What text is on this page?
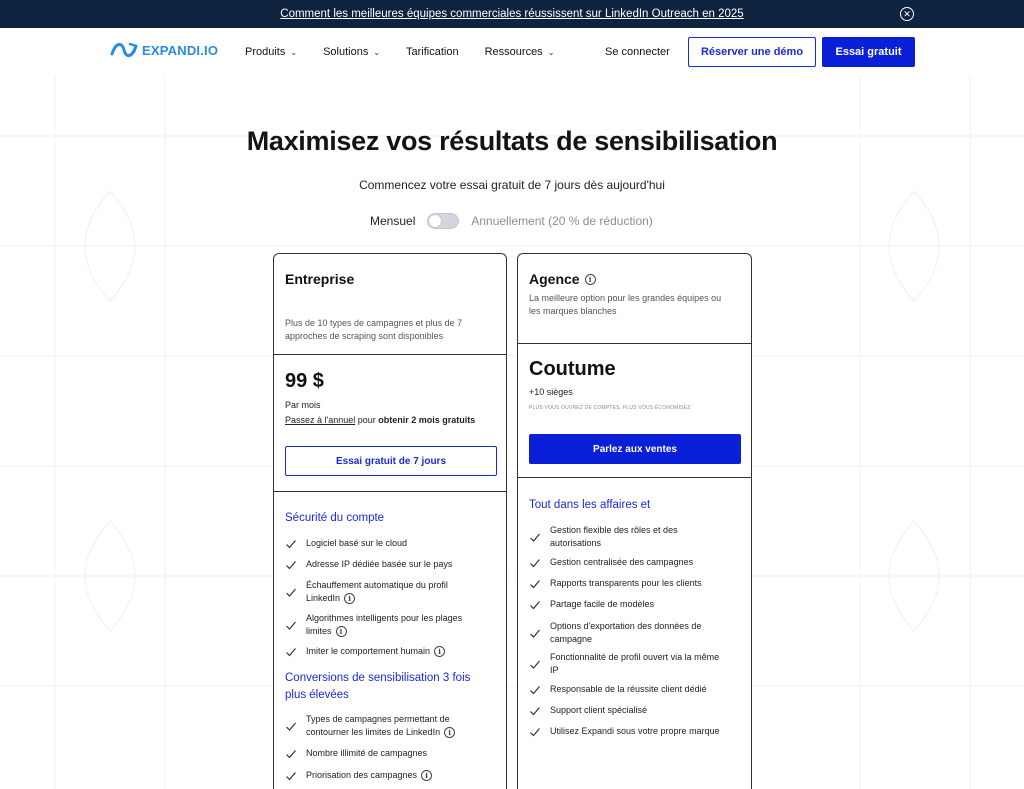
Comment les meilleures équipes commerciales réussissent sur LinkedIn Outreach en 2025	✕
EXPANDI.IO Produits ⌄ Solutions ⌄ Tarification Ressources ⌄	Se connecter	Réserver une démo	Essai gratuit
Maximisez vos résultats de sensibilisation

Commencez votre essai gratuit de 7 jours dès aujourd'hui

Mensuel	Annuellement (20 % de réduction)
Entreprise
Plus de 10 types de campagnes et plus de 7
approches de scraping sont disponibles
99 $
Par mois
Passez à l'annuel pour obtenir 2 mois gratuits
Essai gratuit de 7 jours
Sécurité du compte
Logiciel basé sur le cloud
Adresse IP dédiée basée sur le pays
Échauffement automatique du profil
LinkedIn i
Algorithmes intelligents pour les plages
limites i
Imiter le comportement humain i
Conversions de sensibilisation 3 fois
plus élevées
Types de campagnes permettant de
contourner les limites de LinkedIn i
Nombre illimité de campagnes
Priorisation des campagnes i
Agence	i
La meilleure option pour les grandes équipes ou
les marques blanches
Coutume
+10 sièges
PLUS VOUS OUVREZ DE COMPTES, PLUS VOUS ÉCONOMISEZ
Parlez aux ventes
Tout dans les affaires et
Gestion flexible des rôles et des
autorisations
Gestion centralisée des campagnes
Rapports transparents pour les clients
Partage facile de modèles
Options d'exportation des données de
campagne
Fonctionnalité de profil ouvert via la même
IP
Responsable de la réussite client dédié
Support client spécialisé
Utilisez Expandi sous votre propre marque
